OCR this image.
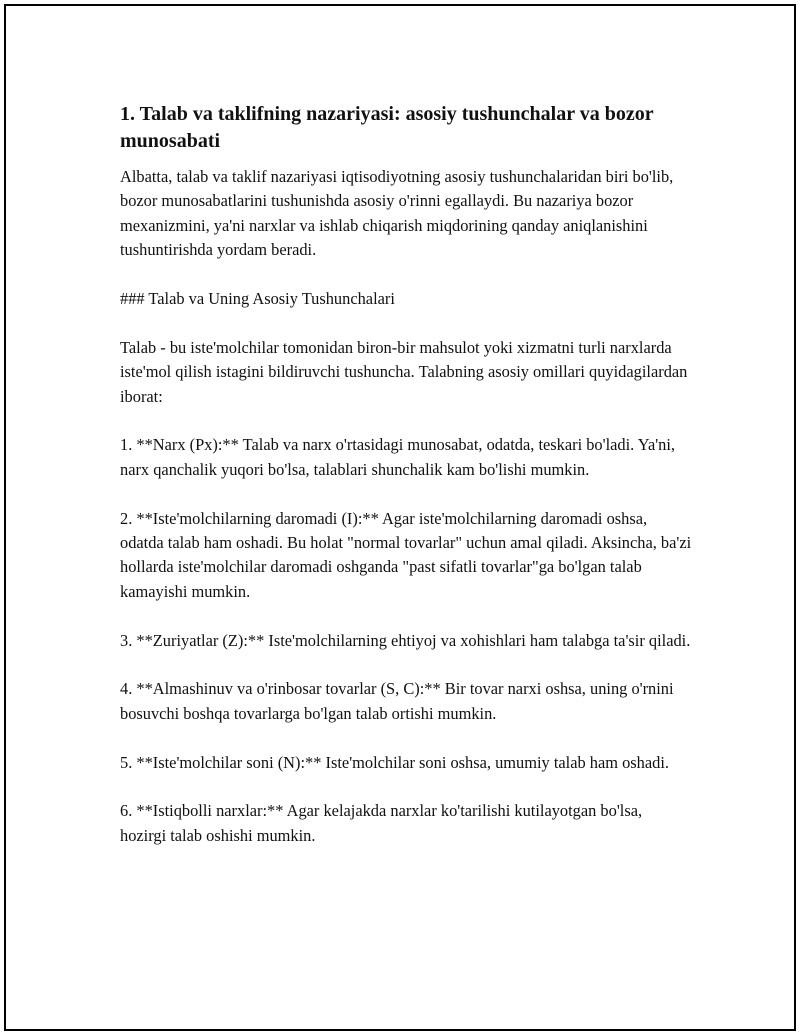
1. Talab va taklifning nazariyasi: asosiy tushunchalar va bozor munosabati

Albatta, talab va taklif nazariyasi iqtisodiyotning asosiy tushunchalaridan biri bo'lib, bozor munosabatlarini tushunishda asosiy o'rinni egallaydi. Bu nazariya bozor mexanizmini, ya'ni narxlar va ishlab chiqarish miqdorining qanday aniqlanishini tushuntirishda yordam beradi.

### Talab va Uning Asosiy Tushunchalari

Talab - bu iste'molchilar tomonidan biron-bir mahsulot yoki xizmatni turli narxlarda iste'mol qilish istagini bildiruvchi tushuncha. Talabning asosiy omillari quyidagilardan iborat:

1. **Narx (Px):** Talab va narx o'rtasidagi munosabat, odatda, teskari bo'ladi. Ya'ni, narx qanchalik yuqori bo'lsa, talablari shunchalik kam bo'lishi mumkin.

2. **Iste'molchilarning daromadi (I):** Agar iste'molchilarning daromadi oshsa, odatda talab ham oshadi. Bu holat "normal tovarlar" uchun amal qiladi. Aksincha, ba'zi hollarda iste'molchilar daromadi oshganda "past sifatli tovarlar"ga bo'lgan talab kamayishi mumkin.

3. **Zuriyatlar (Z):** Iste'molchilarning ehtiyoj va xohishlari ham talabga ta'sir qiladi.

4. **Almashinuv va o'rinbosar tovarlar (S, C):** Bir tovar narxi oshsa, uning o'rnini bosuvchi boshqa tovarlarga bo'lgan talab ortishi mumkin.

5. **Iste'molchilar soni (N):** Iste'molchilar soni oshsa, umumiy talab ham oshadi.

6. **Istiqbolli narxlar:** Agar kelajakda narxlar ko'tarilishi kutilayotgan bo'lsa, hozirgi talab oshishi mumkin.
